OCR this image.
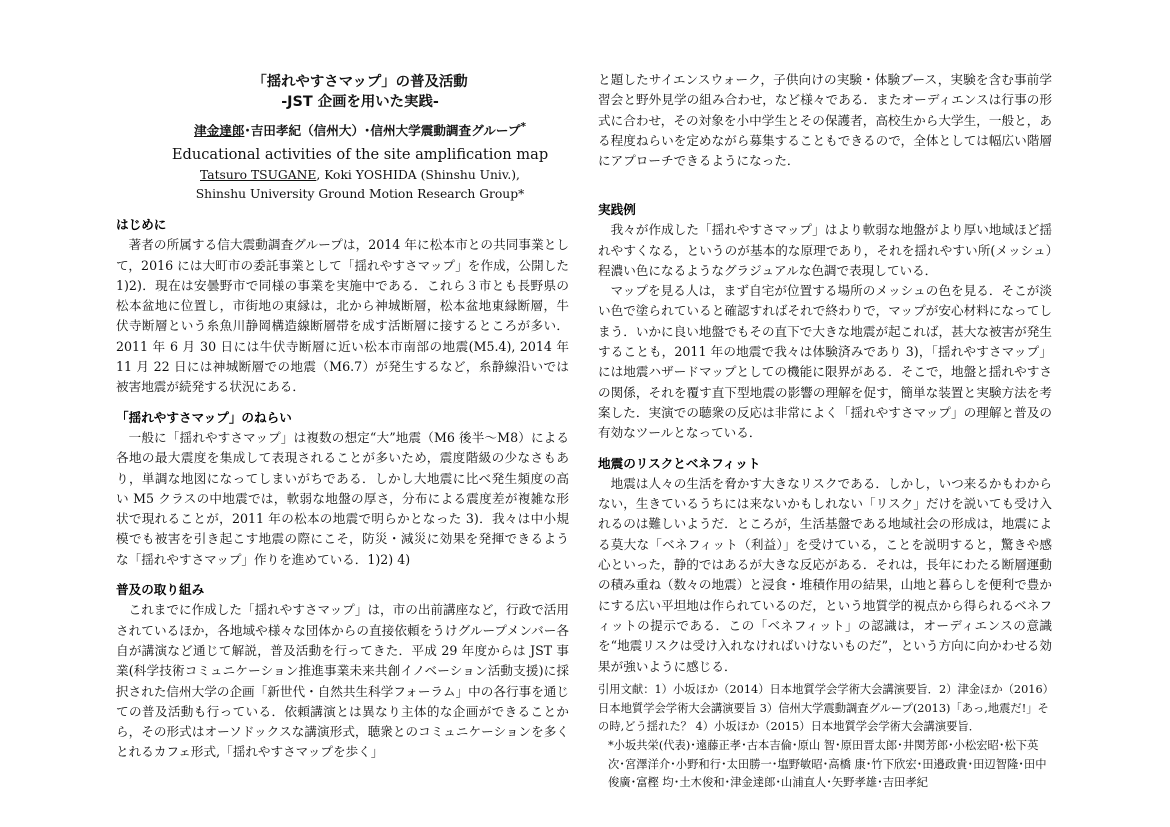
「揺れやすさマップ」の普及活動

-JST 企画を用いた実践-

津金達郎･吉田孝紀（信州大）･信州大学震動調査グループ*

Educational activities of the site amplification map

Tatsuro TSUGANE, Koki YOSHIDA (Shinshu Univ.),

Shinshu University Ground Motion Research Group*

はじめに

著者の所属する信大震動調査グループは，2014 年に松本市との共同事業として，2016 には大町市の委託事業として「揺れやすさマップ」を作成，公開した 1)2)．現在は安曇野市で同様の事業を実施中である．これら３市とも長野県の松本盆地に位置し，市街地の東縁は，北から神城断層，松本盆地東縁断層，牛伏寺断層という糸魚川静岡構造線断層帯を成す活断層に接するところが多い．2011 年 6 月 30 日には牛伏寺断層に近い松本市南部の地震(M5.4), 2014 年 11 月 22 日には神城断層での地震（M6.7）が発生するなど，糸静線沿いでは被害地震が続発する状況にある．

「揺れやすさマップ」のねらい

一般に「揺れやすさマップ」は複数の想定“大”地震（M6 後半～M8）による各地の最大震度を集成して表現されることが多いため，震度階級の少なさもあり，単調な地図になってしまいがちである．しかし大地震に比べ発生頻度の高い M5 クラスの中地震では，軟弱な地盤の厚さ，分布による震度差が複雑な形状で現れることが，2011 年の松本の地震で明らかとなった 3)．我々は中小規模でも被害を引き起こす地震の際にこそ，防災・減災に効果を発揮できるような「揺れやすさマップ」作りを進めている．1)2) 4)

普及の取り組み

これまでに作成した「揺れやすさマップ」は，市の出前講座など，行政で活用されているほか，各地域や様々な団体からの直接依頼をうけグループメンバー各自が講演など通じて解説，普及活動を行ってきた．平成 29 年度からは JST 事業(科学技術コミュニケーション推進事業未来共創イノベーション活動支援)に採択された信州大学の企画「新世代・自然共生科学フォーラム」中の各行事を通じての普及活動も行っている．依頼講演とは異なり主体的な企画ができることから，その形式はオーソドックスな講演形式，聴衆とのコミュニケーションを多くとれるカフェ形式,「揺れやすさマップを歩く」

と題したサイエンスウォーク，子供向けの実験・体験ブース，実験を含む事前学習会と野外見学の組み合わせ，など様々である．またオーディエンスは行事の形式に合わせ，その対象を小中学生とその保護者，高校生から大学生，一般と，ある程度ねらいを定めながら募集することもできるので，全体としては幅広い階層にアプローチできるようになった．

実践例

我々が作成した「揺れやすさマップ」はより軟弱な地盤がより厚い地域ほど揺れやすくなる，というのが基本的な原理であり，それを揺れやすい所(メッシュ）程濃い色になるようなグラジュアルな色調で表現している．

マップを見る人は，まず自宅が位置する場所のメッシュの色を見る．そこが淡い色で塗られていると確認すればそれで終わりで，マップが安心材料になってしまう．いかに良い地盤でもその直下で大きな地震が起これば，甚大な被害が発生することも，2011 年の地震で我々は体験済みであり 3)，「揺れやすさマップ」には地震ハザードマップとしての機能に限界がある．そこで，地盤と揺れやすさの関係，それを覆す直下型地震の影響の理解を促す，簡単な装置と実験方法を考案した．実演での聴衆の反応は非常によく「揺れやすさマップ」の理解と普及の有効なツールとなっている．

地震のリスクとベネフィット

地震は人々の生活を脅かす大きなリスクである．しかし，いつ来るかもわからない，生きているうちには来ないかもしれない「リスク」だけを説いても受け入れるのは難しいようだ．ところが，生活基盤である地域社会の形成は，地震による莫大な「ベネフィット（利益）」を受けている，ことを説明すると，驚きや感心といった，静的ではあるが大きな反応がある．それは，長年にわたる断層運動の積み重ね（数々の地震）と浸食・堆積作用の結果，山地と暮らしを便利で豊かにする広い平坦地は作られているのだ，という地質学的視点から得られるベネフィットの提示である．この「ベネフィット」の認識は，オーディエンスの意識を“地震リスクは受け入れなければいけないものだ”，という方向に向かわせる効果が強いように感じる．

引用文献：1）小坂ほか（2014）日本地質学会学術大会講演要旨．2）津金ほか（2016）日本地質学会学術大会講演要旨 3）信州大学震動調査グループ(2013)「あっ,地震だ!」その時,どう揺れた？ 4）小坂ほか（2015）日本地質学会学術大会講演要旨．

*小坂共栄(代表)･遠藤正孝･古本吉倫･原山 智･原田晋太郎･井関芳郎･小松宏昭･松下英次･宮澤洋介･小野和行･太田勝一･塩野敏昭･高橋 康･竹下欣宏･田邉政貴･田辺智隆･田中俊廣･富樫 均･土木俊和･津金達郎･山浦直人･矢野孝雄･吉田孝紀
